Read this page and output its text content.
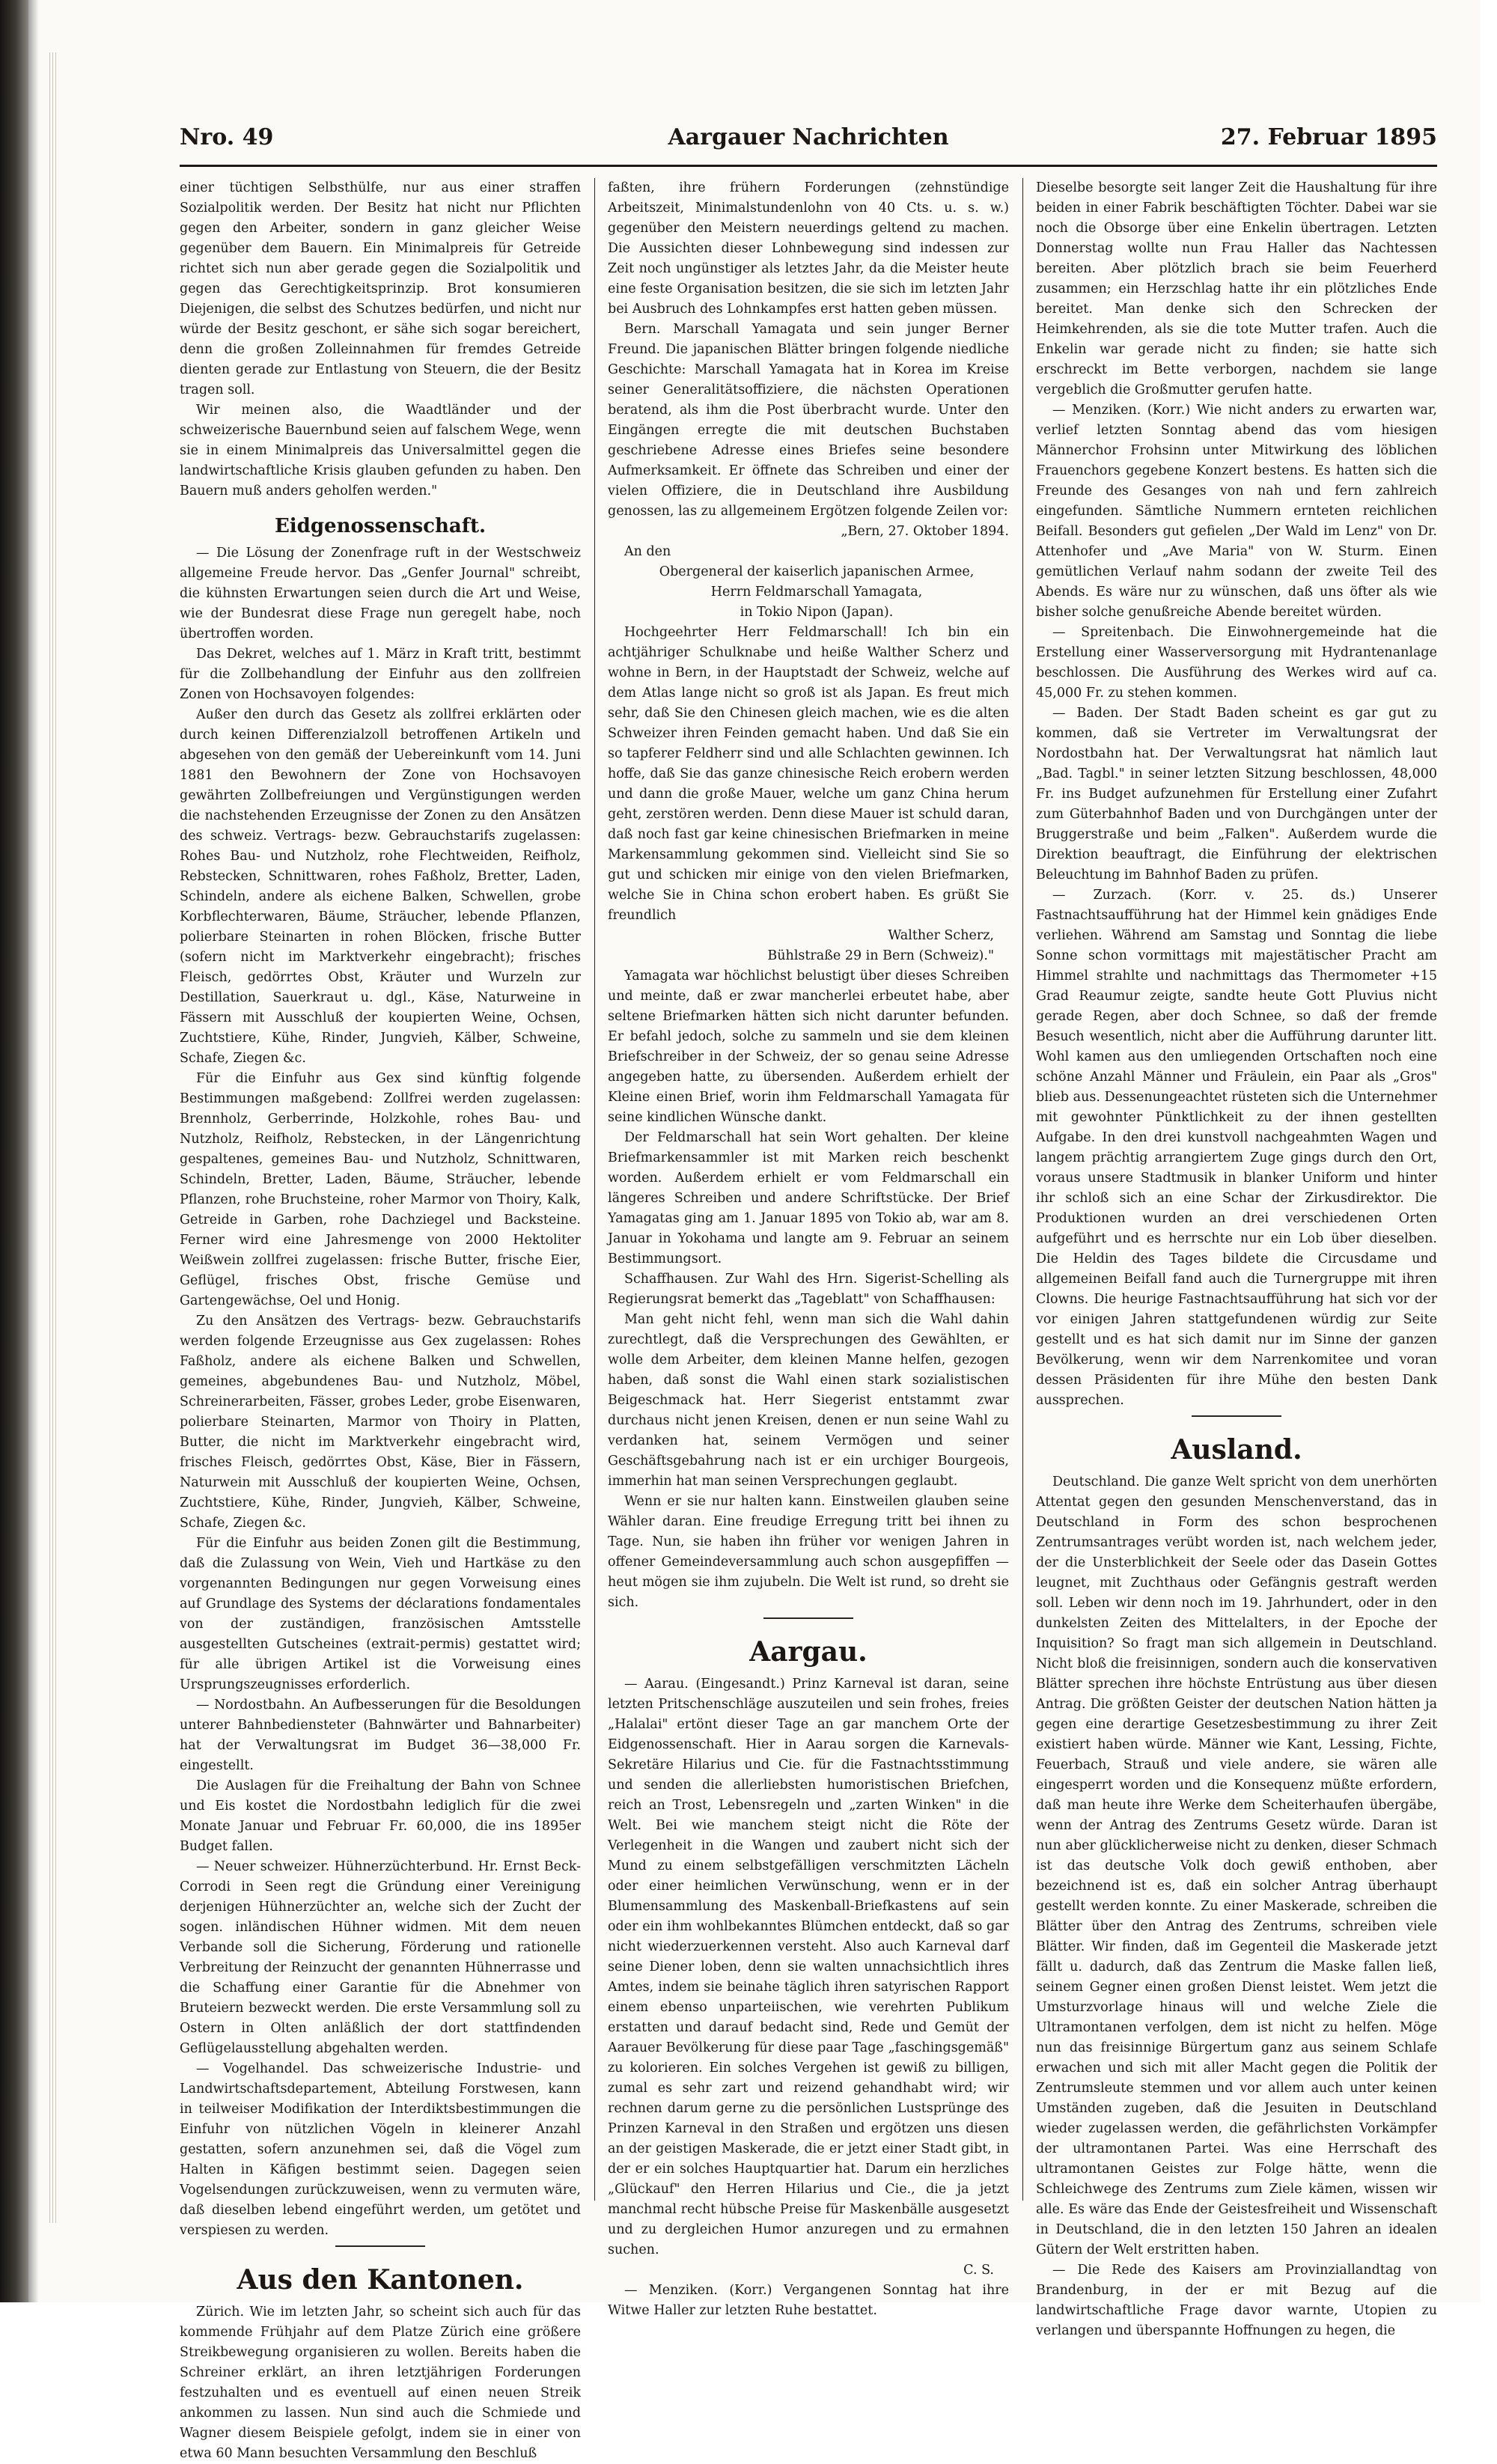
Aargauer Nachrichten
Nro. 49	27. Februar 1895

einer tüchtigen Selbsthülfe, nur aus einer straffen Sozialpolitik werden. Der Besitz hat nicht nur Pflichten gegen den Arbeiter, sondern in ganz gleicher Weise gegenüber dem Bauern. Ein Minimalpreis für Getreide richtet sich nun aber gerade gegen die Sozialpolitik und gegen das Gerechtigkeitsprinzip. Brot konsumieren Diejenigen, die selbst des Schutzes bedürfen, und nicht nur würde der Besitz geschont, er sähe sich sogar bereichert, denn die großen Zolleinnahmen für fremdes Getreide dienten gerade zur Entlastung von Steuern, die der Besitz tragen soll.

Wir meinen also, die Waadtländer und der schweizerische Bauernbund seien auf falschem Wege, wenn sie in einem Minimalpreis das Universalmittel gegen die landwirtschaftliche Krisis glauben gefunden zu haben. Den Bauern muß anders geholfen werden."

Eidgenossenschaft.

— Die Lösung der Zonenfrage ruft in der Westschweiz allgemeine Freude hervor. Das „Genfer Journal" schreibt, die kühnsten Erwartungen seien durch die Art und Weise, wie der Bundesrat diese Frage nun geregelt habe, noch übertroffen worden.

Das Dekret, welches auf 1. März in Kraft tritt, bestimmt für die Zollbehandlung der Einfuhr aus den zollfreien Zonen von Hochsavoyen folgendes:

Außer den durch das Gesetz als zollfrei erklärten oder durch keinen Differenzialzoll betroffenen Artikeln und abgesehen von den gemäß der Uebereinkunft vom 14. Juni 1881 den Bewohnern der Zone von Hochsavoyen gewährten Zollbefreiungen und Vergünstigungen werden die nachstehenden Erzeugnisse der Zonen zu den Ansätzen des schweiz. Vertrags- bezw. Gebrauchstarifs zugelassen: Rohes Bau- und Nutzholz, rohe Flechtweiden, Reifholz, Rebstecken, Schnittwaren, rohes Faßholz, Bretter, Laden, Schindeln, andere als eichene Balken, Schwellen, grobe Korbflechterwaren, Bäume, Sträucher, lebende Pflanzen, polierbare Steinarten in rohen Blöcken, frische Butter (sofern nicht im Marktverkehr eingebracht); frisches Fleisch, gedörrtes Obst, Kräuter und Wurzeln zur Destillation, Sauerkraut u. dgl., Käse, Naturweine in Fässern mit Ausschluß der koupierten Weine, Ochsen, Zuchtstiere, Kühe, Rinder, Jungvieh, Kälber, Schweine, Schafe, Ziegen &c.

Für die Einfuhr aus Gex sind künftig folgende Bestimmungen maßgebend: Zollfrei werden zugelassen: Brennholz, Gerberrinde, Holzkohle, rohes Bau- und Nutzholz, Reifholz, Rebstecken, in der Längenrichtung gespaltenes, gemeines Bau- und Nutzholz, Schnittwaren, Schindeln, Bretter, Laden, Bäume, Sträucher, lebende Pflanzen, rohe Bruchsteine, roher Marmor von Thoiry, Kalk, Getreide in Garben, rohe Dachziegel und Backsteine. Ferner wird eine Jahresmenge von 2000 Hektoliter Weißwein zollfrei zugelassen: frische Butter, frische Eier, Geflügel, frisches Obst, frische Gemüse und Gartengewächse, Oel und Honig.

Zu den Ansätzen des Vertrags- bezw. Gebrauchstarifs werden folgende Erzeugnisse aus Gex zugelassen: Rohes Faßholz, andere als eichene Balken und Schwellen, gemeines, abgebundenes Bau- und Nutzholz, Möbel, Schreinerarbeiten, Fässer, grobes Leder, grobe Eisenwaren, polierbare Steinarten, Marmor von Thoiry in Platten, Butter, die nicht im Marktverkehr eingebracht wird, frisches Fleisch, gedörrtes Obst, Käse, Bier in Fässern, Naturwein mit Ausschluß der koupierten Weine, Ochsen, Zuchtstiere, Kühe, Rinder, Jungvieh, Kälber, Schweine, Schafe, Ziegen &c.

Für die Einfuhr aus beiden Zonen gilt die Bestimmung, daß die Zulassung von Wein, Vieh und Hartkäse zu den vorgenannten Bedingungen nur gegen Vorweisung eines auf Grundlage des Systems der déclarations fondamentales von der zuständigen, französischen Amtsstelle ausgestellten Gutscheines (extrait-permis) gestattet wird; für alle übrigen Artikel ist die Vorweisung eines Ursprungszeugnisses erforderlich.

— Nordostbahn. An Aufbesserungen für die Besoldungen unterer Bahnbediensteter (Bahnwärter und Bahnarbeiter) hat der Verwaltungsrat im Budget 36—38,000 Fr. eingestellt.

Die Auslagen für die Freihaltung der Bahn von Schnee und Eis kostet die Nordostbahn lediglich für die zwei Monate Januar und Februar Fr. 60,000, die ins 1895er Budget fallen.

— Neuer schweizer. Hühnerzüchterbund. Hr. Ernst Beck-Corrodi in Seen regt die Gründung einer Vereinigung derjenigen Hühnerzüchter an, welche sich der Zucht der sogen. inländischen Hühner widmen. Mit dem neuen Verbande soll die Sicherung, Förderung und rationelle Verbreitung der Reinzucht der genannten Hühnerrasse und die Schaffung einer Garantie für die Abnehmer von Bruteiern bezweckt werden. Die erste Versammlung soll zu Ostern in Olten anläßlich der dort stattfindenden Geflügelausstellung abgehalten werden.

— Vogelhandel. Das schweizerische Industrie- und Landwirtschaftsdepartement, Abteilung Forstwesen, kann in teilweiser Modifikation der Interdiktsbestimmungen die Einfuhr von nützlichen Vögeln in kleinerer Anzahl gestatten, sofern anzunehmen sei, daß die Vögel zum Halten in Käfigen bestimmt seien. Dagegen seien Vogelsendungen zurückzuweisen, wenn zu vermuten wäre, daß dieselben lebend eingeführt werden, um getötet und verspiesen zu werden.

Aus den Kantonen.

Zürich. Wie im letzten Jahr, so scheint sich auch für das kommende Frühjahr auf dem Platze Zürich eine größere Streikbewegung organisieren zu wollen. Bereits haben die Schreiner erklärt, an ihren letztjährigen Forderungen festzuhalten und es eventuell auf einen neuen Streik ankommen zu lassen. Nun sind auch die Schmiede und Wagner diesem Beispiele gefolgt, indem sie in einer von etwa 60 Mann besuchten Versammlung den Beschluß

faßten, ihre frühern Forderungen (zehnstündige Arbeitszeit, Minimalstundenlohn von 40 Cts. u. s. w.) gegenüber den Meistern neuerdings geltend zu machen. Die Aussichten dieser Lohnbewegung sind indessen zur Zeit noch ungünstiger als letztes Jahr, da die Meister heute eine feste Organisation besitzen, die sie sich im letzten Jahr bei Ausbruch des Lohnkampfes erst hatten geben müssen.

Bern. Marschall Yamagata und sein junger Berner Freund. Die japanischen Blätter bringen folgende niedliche Geschichte: Marschall Yamagata hat in Korea im Kreise seiner Generalitätsoffiziere, die nächsten Operationen beratend, als ihm die Post überbracht wurde. Unter den Eingängen erregte die mit deutschen Buchstaben geschriebene Adresse eines Briefes seine besondere Aufmerksamkeit. Er öffnete das Schreiben und einer der vielen Offiziere, die in Deutschland ihre Ausbildung genossen, las zu allgemeinem Ergötzen folgende Zeilen vor:

„Bern, 27. Oktober 1894.

An den

Obergeneral der kaiserlich japanischen Armee,

Herrn Feldmarschall Yamagata,

in Tokio Nipon (Japan).

Hochgeehrter Herr Feldmarschall! Ich bin ein achtjähriger Schulknabe und heiße Walther Scherz und wohne in Bern, in der Hauptstadt der Schweiz, welche auf dem Atlas lange nicht so groß ist als Japan. Es freut mich sehr, daß Sie den Chinesen gleich machen, wie es die alten Schweizer ihren Feinden gemacht haben. Und daß Sie ein so tapferer Feldherr sind und alle Schlachten gewinnen. Ich hoffe, daß Sie das ganze chinesische Reich erobern werden und dann die große Mauer, welche um ganz China herum geht, zerstören werden. Denn diese Mauer ist schuld daran, daß noch fast gar keine chinesischen Briefmarken in meine Markensammlung gekommen sind. Vielleicht sind Sie so gut und schicken mir einige von den vielen Briefmarken, welche Sie in China schon erobert haben. Es grüßt Sie freundlich

Walther Scherz,

Bühlstraße 29 in Bern (Schweiz)."

Yamagata war höchlichst belustigt über dieses Schreiben und meinte, daß er zwar mancherlei erbeutet habe, aber seltene Briefmarken hätten sich nicht darunter befunden. Er befahl jedoch, solche zu sammeln und sie dem kleinen Briefschreiber in der Schweiz, der so genau seine Adresse angegeben hatte, zu übersenden. Außerdem erhielt der Kleine einen Brief, worin ihm Feldmarschall Yamagata für seine kindlichen Wünsche dankt.

Der Feldmarschall hat sein Wort gehalten. Der kleine Briefmarkensammler ist mit Marken reich beschenkt worden. Außerdem erhielt er vom Feldmarschall ein längeres Schreiben und andere Schriftstücke. Der Brief Yamagatas ging am 1. Januar 1895 von Tokio ab, war am 8. Januar in Yokohama und langte am 9. Februar an seinem Bestimmungsort.

Schaffhausen. Zur Wahl des Hrn. Sigerist-Schelling als Regierungsrat bemerkt das „Tageblatt" von Schaffhausen:

Man geht nicht fehl, wenn man sich die Wahl dahin zurechtlegt, daß die Versprechungen des Gewählten, er wolle dem Arbeiter, dem kleinen Manne helfen, gezogen haben, daß sonst die Wahl einen stark sozialistischen Beigeschmack hat. Herr Siegerist entstammt zwar durchaus nicht jenen Kreisen, denen er nun seine Wahl zu verdanken hat, seinem Vermögen und seiner Geschäftsgebahrung nach ist er ein urchiger Bourgeois, immerhin hat man seinen Versprechungen geglaubt.

Wenn er sie nur halten kann. Einstweilen glauben seine Wähler daran. Eine freudige Erregung tritt bei ihnen zu Tage. Nun, sie haben ihn früher vor wenigen Jahren in offener Gemeindeversammlung auch schon ausgepfiffen — heut mögen sie ihm zujubeln. Die Welt ist rund, so dreht sie sich.

Aargau.

— Aarau. (Eingesandt.) Prinz Karneval ist daran, seine letzten Pritschenschläge auszuteilen und sein frohes, freies „Halalai" ertönt dieser Tage an gar manchem Orte der Eidgenossenschaft. Hier in Aarau sorgen die Karnevals-Sekretäre Hilarius und Cie. für die Fastnachtsstimmung und senden die allerliebsten humoristischen Briefchen, reich an Trost, Lebensregeln und „zarten Winken" in die Welt. Bei wie manchem steigt nicht die Röte der Verlegenheit in die Wangen und zaubert nicht sich der Mund zu einem selbstgefälligen verschmitzten Lächeln oder einer heimlichen Verwünschung, wenn er in der Blumensammlung des Maskenball-Briefkastens auf sein oder ein ihm wohlbekanntes Blümchen entdeckt, daß so gar nicht wiederzuerkennen versteht. Also auch Karneval darf seine Diener loben, denn sie walten unnachsichtlich ihres Amtes, indem sie beinahe täglich ihren satyrischen Rapport einem ebenso unparteiischen, wie verehrten Publikum erstatten und darauf bedacht sind, Rede und Gemüt der Aarauer Bevölkerung für diese paar Tage „faschingsgemäß" zu kolorieren. Ein solches Vergehen ist gewiß zu billigen, zumal es sehr zart und reizend gehandhabt wird; wir rechnen darum gerne zu die persönlichen Lustsprünge des Prinzen Karneval in den Straßen und ergötzen uns diesen an der geistigen Maskerade, die er jetzt einer Stadt gibt, in der er ein solches Hauptquartier hat. Darum ein herzliches „Glückauf" den Herren Hilarius und Cie., die ja jetzt manchmal recht hübsche Preise für Maskenbälle ausgesetzt und zu dergleichen Humor anzuregen und zu ermahnen suchen.

C. S.

— Menziken. (Korr.) Vergangenen Sonntag hat ihre Witwe Haller zur letzten Ruhe bestattet.

Dieselbe besorgte seit langer Zeit die Haushaltung für ihre beiden in einer Fabrik beschäftigten Töchter. Dabei war sie noch die Obsorge über eine Enkelin übertragen. Letzten Donnerstag wollte nun Frau Haller das Nachtessen bereiten. Aber plötzlich brach sie beim Feuerherd zusammen; ein Herzschlag hatte ihr ein plötzliches Ende bereitet. Man denke sich den Schrecken der Heimkehrenden, als sie die tote Mutter trafen. Auch die Enkelin war gerade nicht zu finden; sie hatte sich erschreckt im Bette verborgen, nachdem sie lange vergeblich die Großmutter gerufen hatte.

— Menziken. (Korr.) Wie nicht anders zu erwarten war, verlief letzten Sonntag abend das vom hiesigen Männerchor Frohsinn unter Mitwirkung des löblichen Frauenchors gegebene Konzert bestens. Es hatten sich die Freunde des Gesanges von nah und fern zahlreich eingefunden. Sämtliche Nummern ernteten reichlichen Beifall. Besonders gut gefielen „Der Wald im Lenz" von Dr. Attenhofer und „Ave Maria" von W. Sturm. Einen gemütlichen Verlauf nahm sodann der zweite Teil des Abends. Es wäre nur zu wünschen, daß uns öfter als wie bisher solche genußreiche Abende bereitet würden.

— Spreitenbach. Die Einwohnergemeinde hat die Erstellung einer Wasserversorgung mit Hydrantenanlage beschlossen. Die Ausführung des Werkes wird auf ca. 45,000 Fr. zu stehen kommen.

— Baden. Der Stadt Baden scheint es gar gut zu kommen, daß sie Vertreter im Verwaltungsrat der Nordostbahn hat. Der Verwaltungsrat hat nämlich laut „Bad. Tagbl." in seiner letzten Sitzung beschlossen, 48,000 Fr. ins Budget aufzunehmen für Erstellung einer Zufahrt zum Güterbahnhof Baden und von Durchgängen unter der Bruggerstraße und beim „Falken". Außerdem wurde die Direktion beauftragt, die Einführung der elektrischen Beleuchtung im Bahnhof Baden zu prüfen.

— Zurzach. (Korr. v. 25. ds.) Unserer Fastnachtsaufführung hat der Himmel kein gnädiges Ende verliehen. Während am Samstag und Sonntag die liebe Sonne schon vormittags mit majestätischer Pracht am Himmel strahlte und nachmittags das Thermometer +15 Grad Reaumur zeigte, sandte heute Gott Pluvius nicht gerade Regen, aber doch Schnee, so daß der fremde Besuch wesentlich, nicht aber die Aufführung darunter litt. Wohl kamen aus den umliegenden Ortschaften noch eine schöne Anzahl Männer und Fräulein, ein Paar als „Gros" blieb aus. Dessenungeachtet rüsteten sich die Unternehmer mit gewohnter Pünktlichkeit zu der ihnen gestellten Aufgabe. In den drei kunstvoll nachgeahmten Wagen und langem prächtig arrangiertem Zuge gings durch den Ort, voraus unsere Stadtmusik in blanker Uniform und hinter ihr schloß sich an eine Schar der Zirkusdirektor. Die Produktionen wurden an drei verschiedenen Orten aufgeführt und es herrschte nur ein Lob über dieselben. Die Heldin des Tages bildete die Circusdame und allgemeinen Beifall fand auch die Turnergruppe mit ihren Clowns. Die heurige Fastnachtsaufführung hat sich vor der vor einigen Jahren stattgefundenen würdig zur Seite gestellt und es hat sich damit nur im Sinne der ganzen Bevölkerung, wenn wir dem Narrenkomitee und voran dessen Präsidenten für ihre Mühe den besten Dank aussprechen.

Ausland.

Deutschland. Die ganze Welt spricht von dem unerhörten Attentat gegen den gesunden Menschenverstand, das in Deutschland in Form des schon besprochenen Zentrumsantrages verübt worden ist, nach welchem jeder, der die Unsterblichkeit der Seele oder das Dasein Gottes leugnet, mit Zuchthaus oder Gefängnis gestraft werden soll. Leben wir denn noch im 19. Jahrhundert, oder in den dunkelsten Zeiten des Mittelalters, in der Epoche der Inquisition? So fragt man sich allgemein in Deutschland. Nicht bloß die freisinnigen, sondern auch die konservativen Blätter sprechen ihre höchste Entrüstung aus über diesen Antrag. Die größten Geister der deutschen Nation hätten ja gegen eine derartige Gesetzesbestimmung zu ihrer Zeit existiert haben würde. Männer wie Kant, Lessing, Fichte, Feuerbach, Strauß und viele andere, sie wären alle eingesperrt worden und die Konsequenz müßte erfordern, daß man heute ihre Werke dem Scheiterhaufen übergäbe, wenn der Antrag des Zentrums Gesetz würde. Daran ist nun aber glücklicherweise nicht zu denken, dieser Schmach ist das deutsche Volk doch gewiß enthoben, aber bezeichnend ist es, daß ein solcher Antrag überhaupt gestellt werden konnte. Zu einer Maskerade, schreiben die Blätter über den Antrag des Zentrums, schreiben viele Blätter. Wir finden, daß im Gegenteil die Maskerade jetzt fällt u. dadurch, daß das Zentrum die Maske fallen ließ, seinem Gegner einen großen Dienst leistet. Wem jetzt die Umsturzvorlage hinaus will und welche Ziele die Ultramontanen verfolgen, dem ist nicht zu helfen. Möge nun das freisinnige Bürgertum ganz aus seinem Schlafe erwachen und sich mit aller Macht gegen die Politik der Zentrumsleute stemmen und vor allem auch unter keinen Umständen zugeben, daß die Jesuiten in Deutschland wieder zugelassen werden, die gefährlichsten Vorkämpfer der ultramontanen Partei. Was eine Herrschaft des ultramontanen Geistes zur Folge hätte, wenn die Schleichwege des Zentrums zum Ziele kämen, wissen wir alle. Es wäre das Ende der Geistesfreiheit und Wissenschaft in Deutschland, die in den letzten 150 Jahren an idealen Gütern der Welt erstritten haben.

— Die Rede des Kaisers am Provinziallandtag von Brandenburg, in der er mit Bezug auf die landwirtschaftliche Frage davor warnte, Utopien zu verlangen und überspannte Hoffnungen zu hegen, die
